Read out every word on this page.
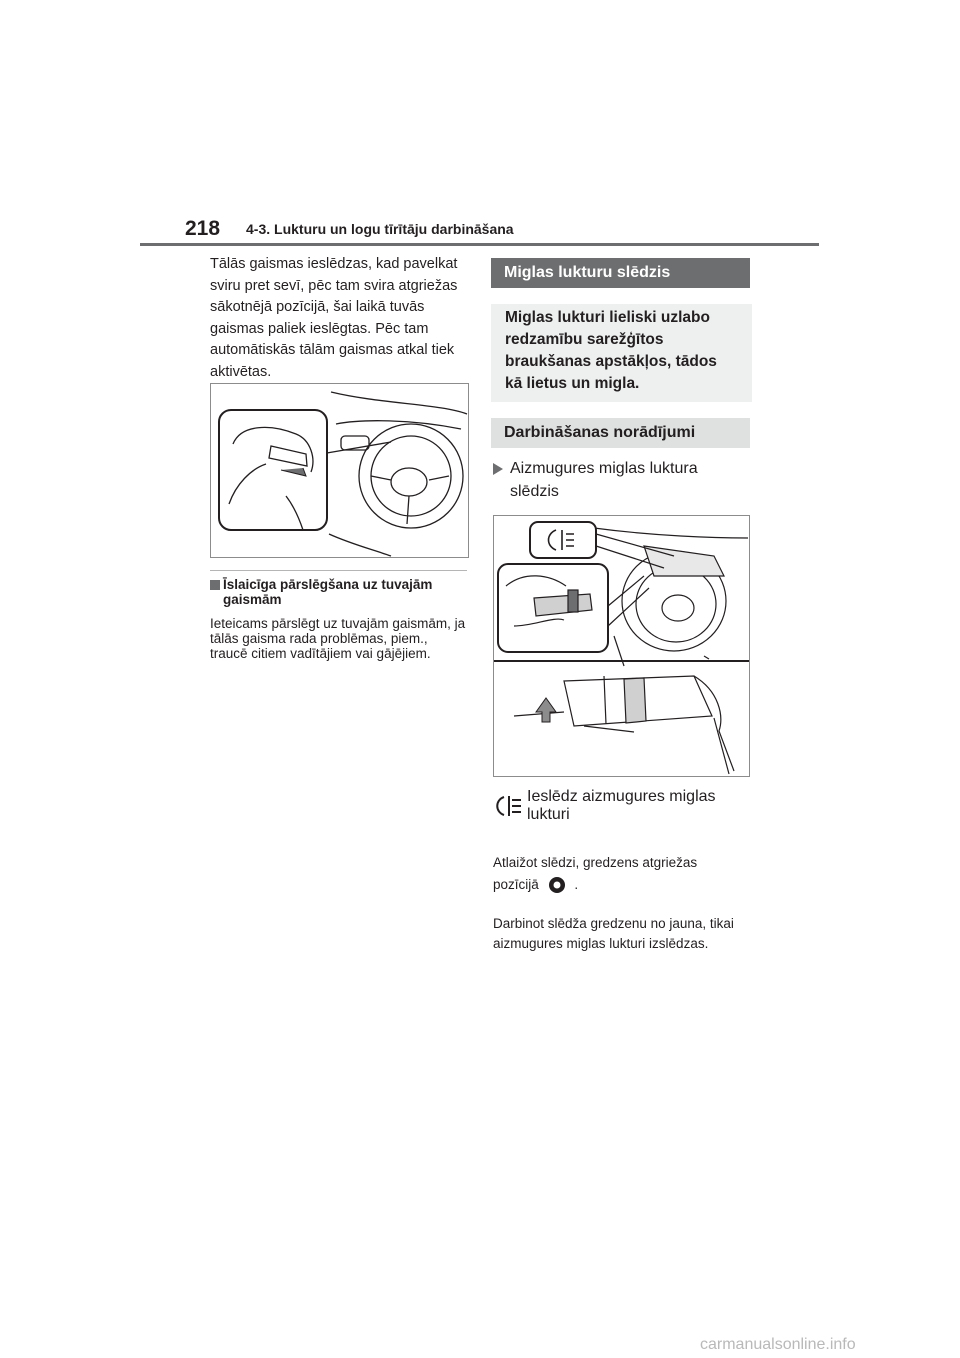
218 4-3. Lukturu un logu tīrītāju darbināšana
Tālās gaismas ieslēdzas, kad pavelkat sviru pret sevī, pēc tam svira atgriežas sākotnējā pozīcijā, šai laikā tuvās gaismas paliek ieslēgtas. Pēc tam automātiskās tālām gaismas atkal tiek aktivētas.
Īslaicīga pārslēgšana uz tuvajām gaismām
Ieteicams pārslēgt uz tuvajām gaismām, ja tālās gaisma rada problēmas, piem., traucē citiem vadītājiem vai gājējiem.
Miglas lukturu slēdzis
Miglas lukturi lieliski uzlabo redzamību sarežģītos braukšanas apstākļos, tādos kā lietus un migla.
Darbināšanas norādījumi
Aizmugures miglas luktura slēdzis
Ieslēdz aizmugures miglas lukturi
Atlaižot slēdzi, gredzens atgriežas pozīcijā	.
Darbinot slēdža gredzenu no jauna, tikai aizmugures miglas lukturi izslēdzas.
carmanualsonline.info
